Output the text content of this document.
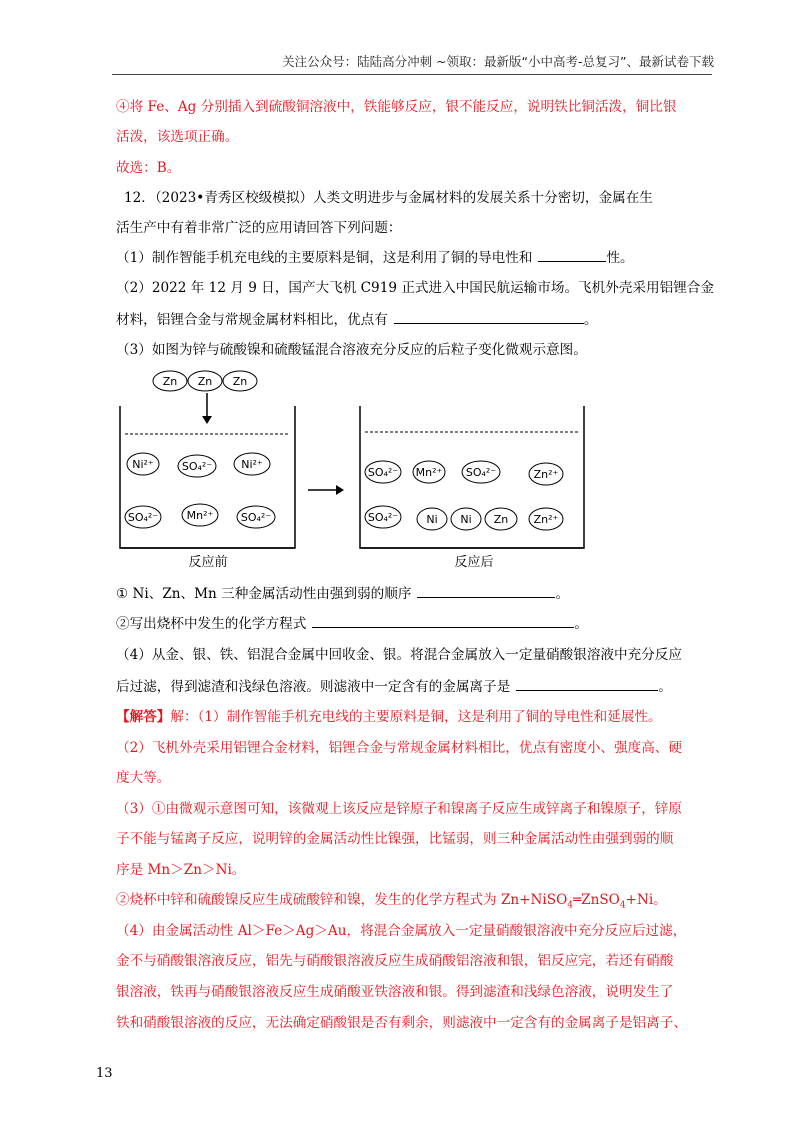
关注公众号：陆陆高分冲刺 ~领取：最新版“小中高考-总复习”、最新试卷下载
④将 Fe、Ag 分别插入到硫酸铜溶液中，铁能够反应，银不能反应，说明铁比铜活泼，铜比银
活泼，该选项正确。
故选：B。
12．（2023•青秀区校级模拟）人类文明进步与金属材料的发展关系十分密切，金属在生
活生产中有着非常广泛的应用请回答下列问题：
（1）制作智能手机充电线的主要原料是铜，这是利用了铜的导电性和	性。
（2）2022 年 12 月 9 日，国产大飞机 C919 正式进入中国民航运输市场。飞机外壳采用铝锂合金
材料，铝锂合金与常规金属材料相比，优点有	。
（3）如图为锌与硫酸镍和硫酸锰混合溶液充分反应的后粒子变化微观示意图。
Zn Zn Zn
Ni²⁺	SO₄²⁻	Ni²⁺
SO₄²⁻	Mn²⁺	SO₄²⁻
反应前
SO₄²⁻ Mn²⁺ SO₄²⁻	Zn²⁺
SO₄²⁻	Ni Ni Zn Zn²⁺
反应后
① Ni、Zn、Mn 三种金属活动性由强到弱的顺序	。
②写出烧杯中发生的化学方程式	。
（4）从金、银、铁、铝混合金属中回收金、银。将混合金属放入一定量硝酸银溶液中充分反应
后过滤，得到滤渣和浅绿色溶液。则滤液中一定含有的金属离子是	。
【解答】解：（1）制作智能手机充电线的主要原料是铜，这是利用了铜的导电性和延展性。
（2）飞机外壳采用铝锂合金材料，铝锂合金与常规金属材料相比，优点有密度小、强度高、硬
度大等。
（3）①由微观示意图可知，该微观上该反应是锌原子和镍离子反应生成锌离子和镍原子，锌原
子不能与锰离子反应，说明锌的金属活动性比镍强，比锰弱，则三种金属活动性由强到弱的顺
序是 Mn＞Zn＞Ni。
②烧杯中锌和硫酸镍反应生成硫酸锌和镍，发生的化学方程式为 Zn+NiSO$_4$═ZnSO$_4$+Ni。
（4）由金属活动性 Al＞Fe＞Ag＞Au，将混合金属放入一定量硝酸银溶液中充分反应后过滤，
金不与硝酸银溶液反应，铝先与硝酸银溶液反应生成硝酸铝溶液和银，铝反应完，若还有硝酸
银溶液，铁再与硝酸银溶液反应生成硝酸亚铁溶液和银。得到滤渣和浅绿色溶液，说明发生了
铁和硝酸银溶液的反应，无法确定硝酸银是否有剩余，则滤液中一定含有的金属离子是铝离子、
13
